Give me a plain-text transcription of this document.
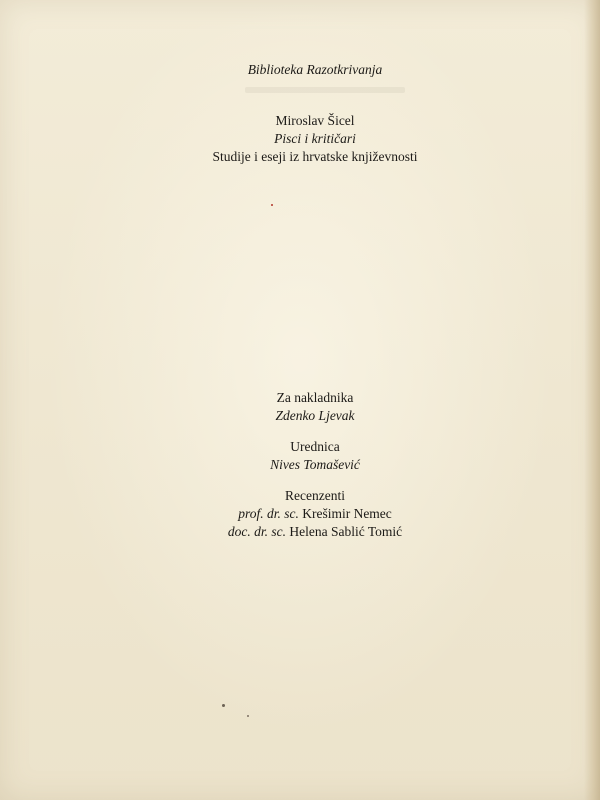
Biblioteka Razotkrivanja
Miroslav Šicel
Pisci i kritičari
Studije i eseji iz hrvatske književnosti
Za nakladnika
Zdenko Ljevak
Urednica
Nives Tomašević
Recenzenti
prof. dr. sc. Krešimir Nemec
doc. dr. sc. Helena Sablić Tomić
